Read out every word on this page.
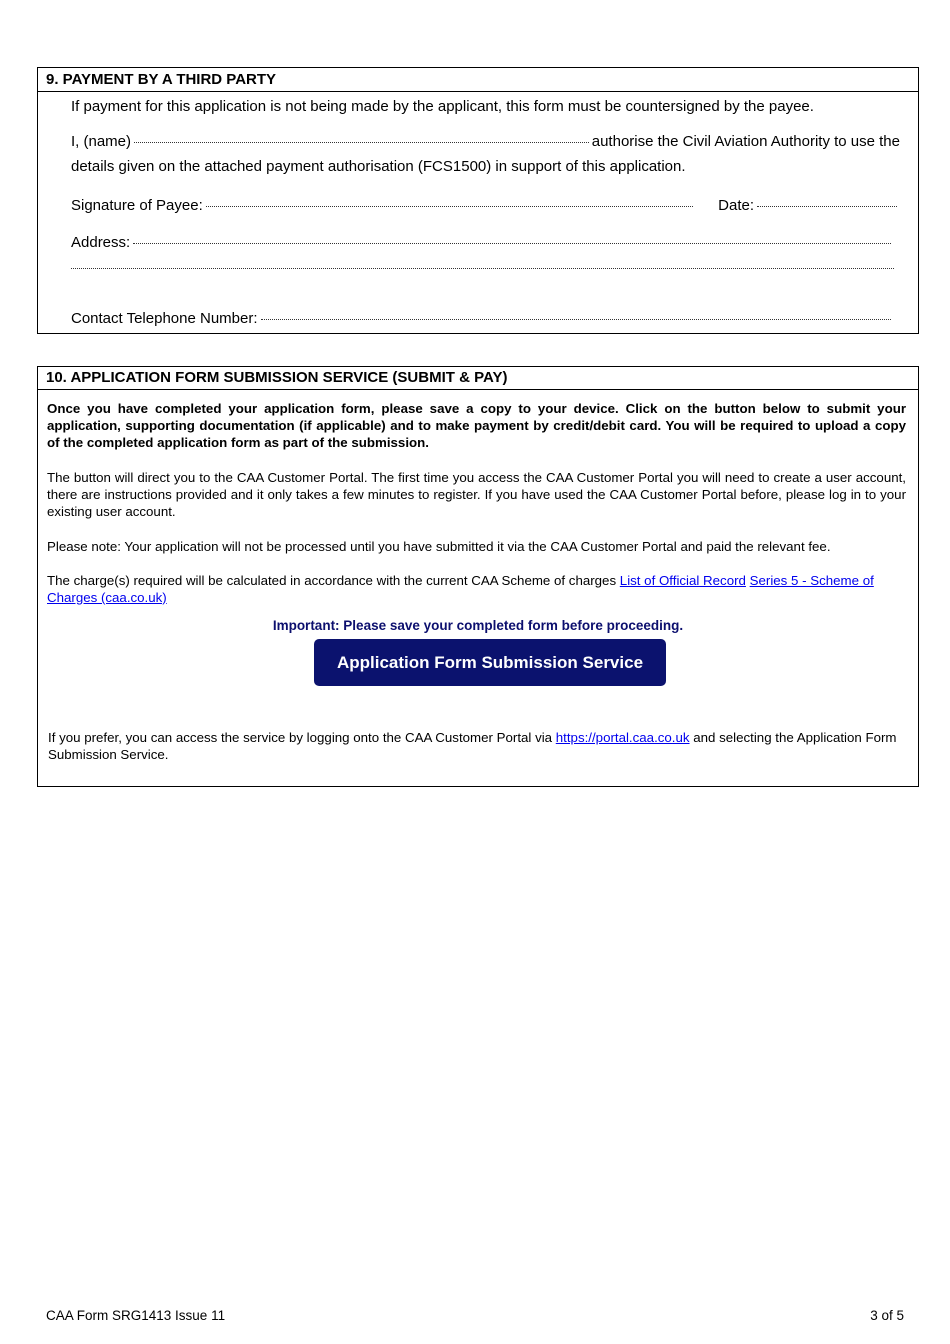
9. PAYMENT BY A THIRD PARTY
If payment for this application is not being made by the applicant, this form must be countersigned by the payee.
I, (name)	authorise the Civil Aviation Authority to use the
details given on the attached payment authorisation (FCS1500) in support of this application.
Signature of Payee:	Date:
Address:
Contact Telephone Number:
10. APPLICATION FORM SUBMISSION SERVICE (SUBMIT & PAY)
Once you have completed your application form, please save a copy to your device. Click on the button below to submit your application, supporting documentation (if applicable) and to make payment by credit/debit card. You will be required to upload a copy of the completed application form as part of the submission.
The button will direct you to the CAA Customer Portal. The first time you access the CAA Customer Portal you will need to create a user account, there are instructions provided and it only takes a few minutes to register. If you have used the CAA Customer Portal before, please log in to your existing user account.
Please note: Your application will not be processed until you have submitted it via the CAA Customer Portal and paid the relevant fee.
The charge(s) required will be calculated in accordance with the current CAA Scheme of charges List of Official Record Series 5 - Scheme of Charges (caa.co.uk)
Important: Please save your completed form before proceeding.
Application Form Submission Service
If you prefer, you can access the service by logging onto the CAA Customer Portal via https://portal.caa.co.uk and selecting the Application Form Submission Service.
CAA Form SRG1413 Issue 11	3 of 5
